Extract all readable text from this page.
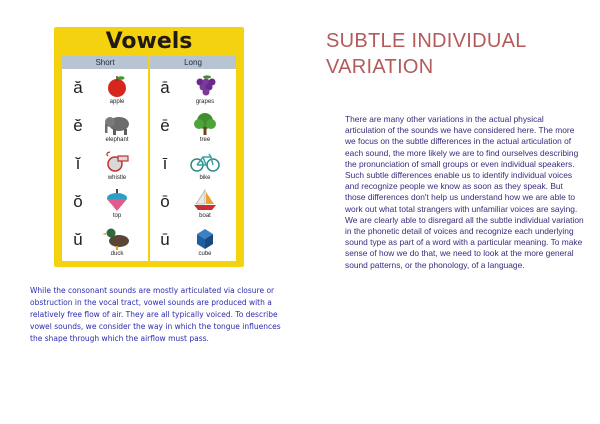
Vowels
Short	Long
ă
apple
ā
grapes
ĕ
elephant
ē
tree
ĭ
whistle
ī
bike
ŏ
top
ō
boat
ŭ
duck
ū
cube
SUBTLE INDIVIDUAL
VARIATION

There are many other variations in the actual physical articulation of the sounds we have considered here. The more we focus on the subtle differences in the actual articulation of each sound, the more likely we are to find ourselves describing the pronunciation of small groups or even individual speakers. Such subtle differences enable us to identify individual voices and recognize people we know as soon as they speak. But those differences don't help us understand how we are able to work out what total strangers with unfamiliar voices are saying. We are clearly able to disregard all the subtle individual variation in the phonetic detail of voices and recognize each underlying sound type as part of a word with a particular meaning. To make sense of how we do that, we need to look at the more general sound patterns, or the phonology, of a language.

While the consonant sounds are mostly articulated via closure or obstruction in the vocal tract, vowel sounds are produced with a relatively free flow of air. They are all typically voiced. To describe vowel sounds, we consider the way in which the tongue influences the shape through which the airflow must pass.
